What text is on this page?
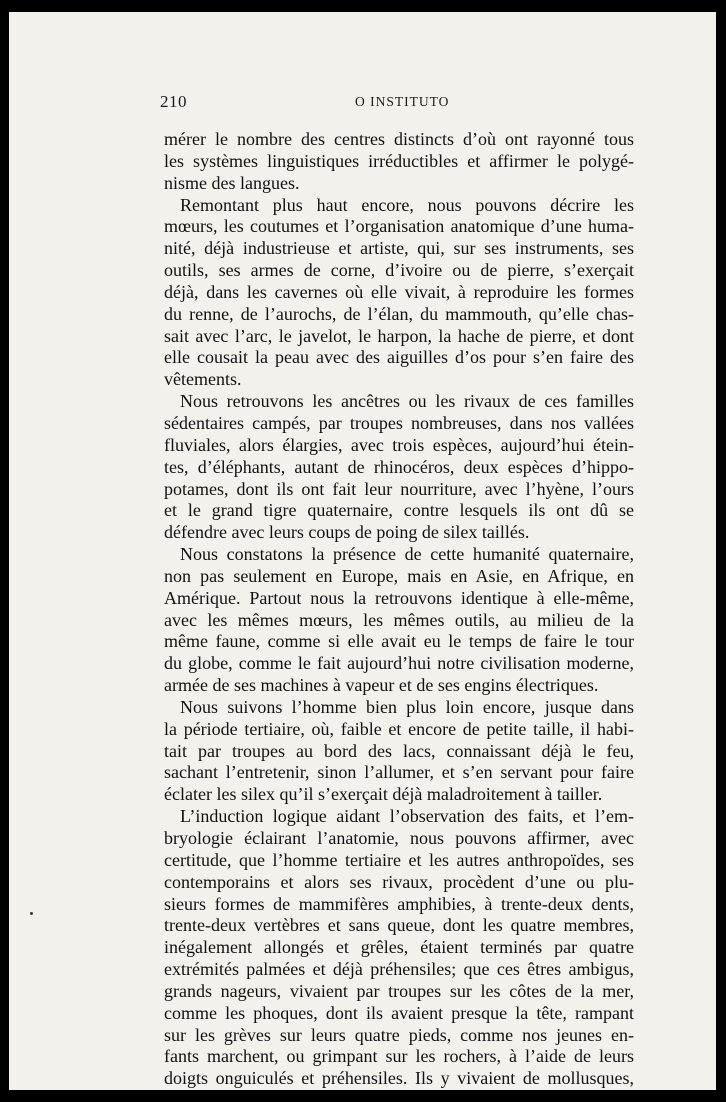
210	O INSTITUTO
mérer le nombre des centres distincts d’où ont rayonné tous
les systèmes linguistiques irréductibles et affirmer le polygé-
nisme des langues.
Remontant plus haut encore, nous pouvons décrire les
mœurs, les coutumes et l’organisation anatomique d’une huma-
nité, déjà industrieuse et artiste, qui, sur ses instruments, ses
outils, ses armes de corne, d’ivoire ou de pierre, s’exerçait
déjà, dans les cavernes où elle vivait, à reproduire les formes
du renne, de l’aurochs, de l’élan, du mammouth, qu’elle chas-
sait avec l’arc, le javelot, le harpon, la hache de pierre, et dont
elle cousait la peau avec des aiguilles d’os pour s’en faire des
vêtements.
Nous retrouvons les ancêtres ou les rivaux de ces familles
sédentaires campés, par troupes nombreuses, dans nos vallées
fluviales, alors élargies, avec trois espèces, aujourd’hui étein-
tes, d’éléphants, autant de rhinocéros, deux espèces d’hippo-
potames, dont ils ont fait leur nourriture, avec l’hyène, l’ours
et le grand tigre quaternaire, contre lesquels ils ont dû se
défendre avec leurs coups de poing de silex taillés.
Nous constatons la présence de cette humanité quaternaire,
non pas seulement en Europe, mais en Asie, en Afrique, en
Amérique. Partout nous la retrouvons identique à elle-même,
avec les mêmes mœurs, les mêmes outils, au milieu de la
même faune, comme si elle avait eu le temps de faire le tour
du globe, comme le fait aujourd’hui notre civilisation moderne,
armée de ses machines à vapeur et de ses engins électriques.
Nous suivons l’homme bien plus loin encore, jusque dans
la période tertiaire, où, faible et encore de petite taille, il habi-
tait par troupes au bord des lacs, connaissant déjà le feu,
sachant l’entretenir, sinon l’allumer, et s’en servant pour faire
éclater les silex qu’il s’exerçait déjà maladroitement à tailler.
L’induction logique aidant l’observation des faits, et l’em-
bryologie éclairant l’anatomie, nous pouvons affirmer, avec
certitude, que l’homme tertiaire et les autres anthropoïdes, ses
contemporains et alors ses rivaux, procèdent d’une ou plu-
sieurs formes de mammifères amphibies, à trente-deux dents,
trente-deux vertèbres et sans queue, dont les quatre membres,
inégalement allongés et grêles, étaient terminés par quatre
extrémités palmées et déjà préhensiles; que ces êtres ambigus,
grands nageurs, vivaient par troupes sur les côtes de la mer,
comme les phoques, dont ils avaient presque la tête, rampant
sur les grèves sur leurs quatre pieds, comme nos jeunes en-
fants marchent, ou grimpant sur les rochers, à l’aide de leurs
doigts onguiculés et préhensiles. Ils y vivaient de mollusques,
